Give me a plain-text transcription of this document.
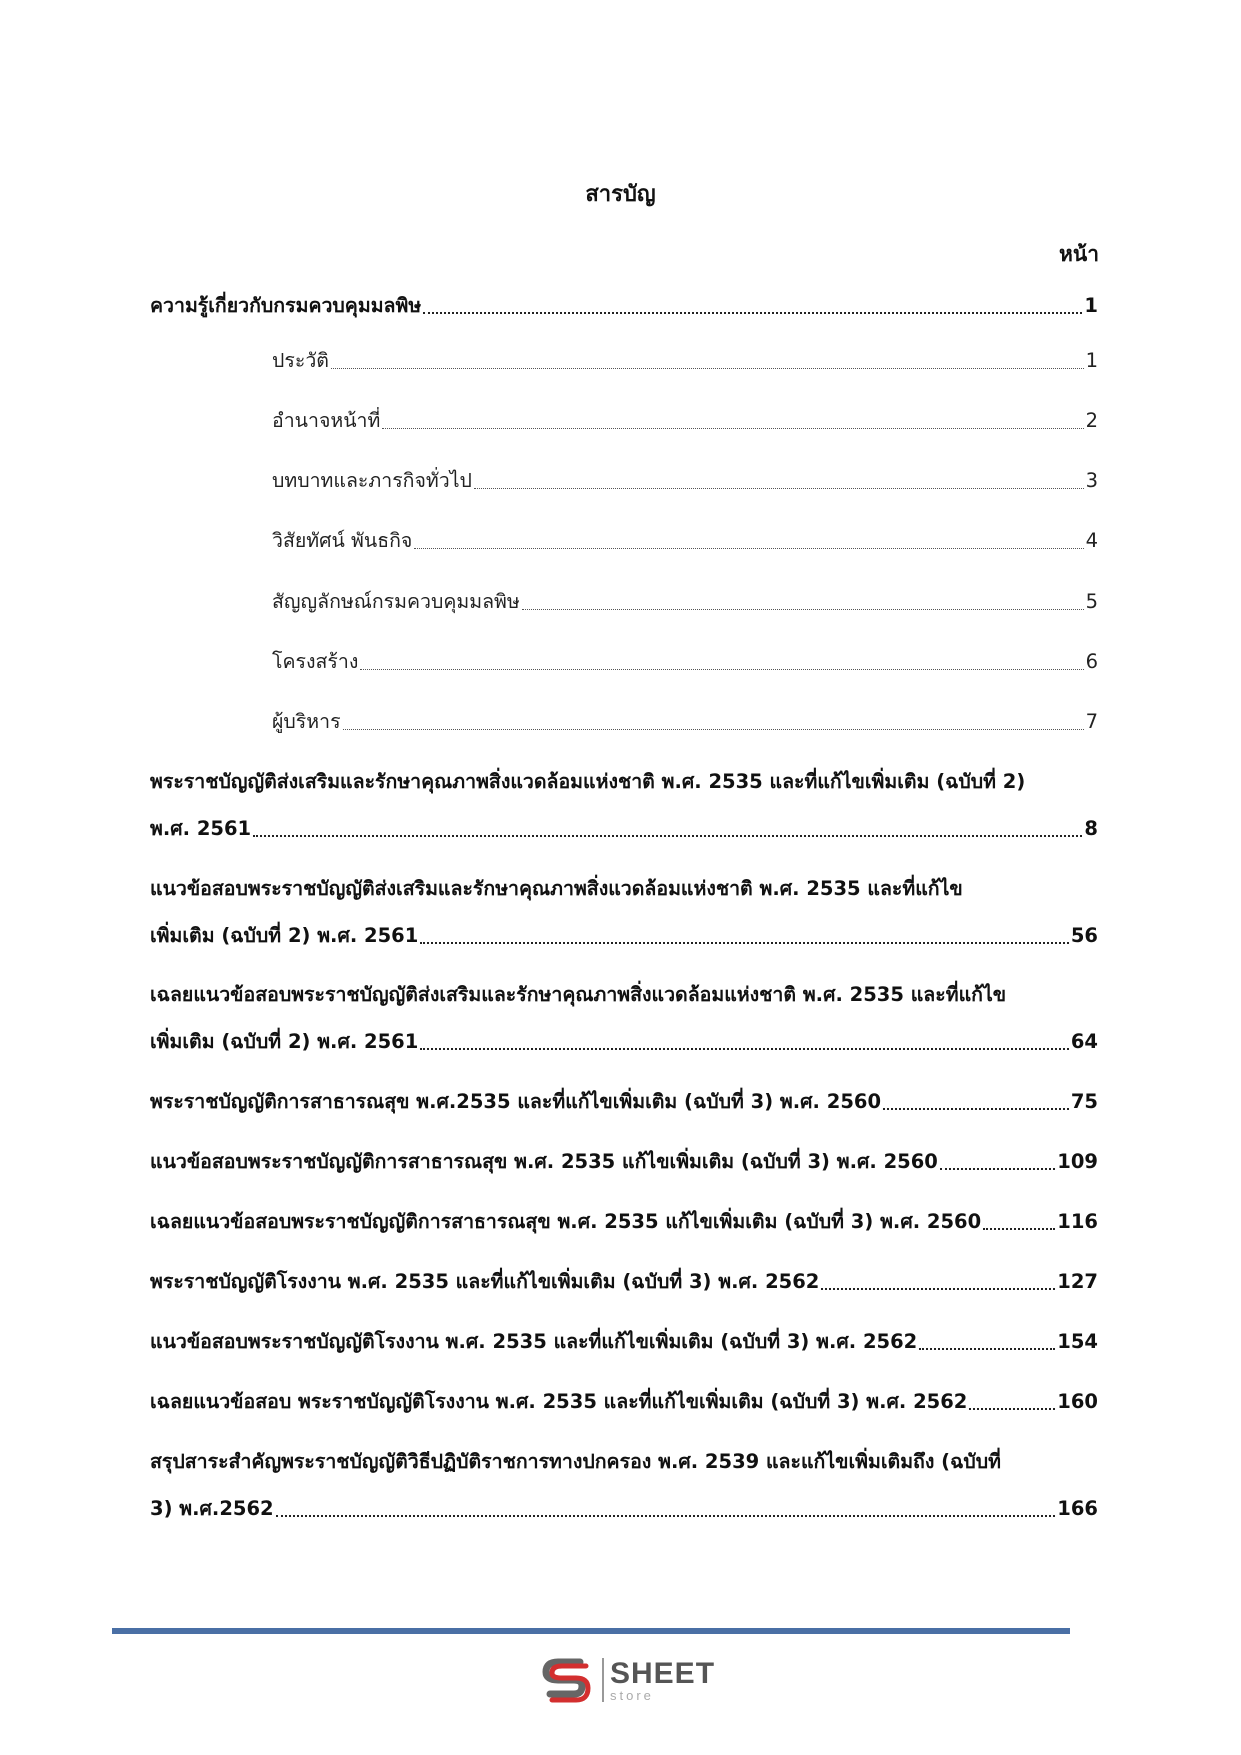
สารบัญ
หน้า
ความรู้เกี่ยวกับกรมควบคุมมลพิษ	1
ประวัติ	1
อำนาจหน้าที่	2
บทบาทและภารกิจทั่วไป	3
วิสัยทัศน์ พันธกิจ	4
สัญญลักษณ์กรมควบคุมมลพิษ	5
โครงสร้าง	6
ผู้บริหาร	7
พระราชบัญญัติส่งเสริมและรักษาคุณภาพสิ่งแวดล้อมแห่งชาติ พ.ศ. 2535 และที่แก้ไขเพิ่มเติม (ฉบับที่ 2)
พ.ศ. 2561	8
แนวข้อสอบพระราชบัญญัติส่งเสริมและรักษาคุณภาพสิ่งแวดล้อมแห่งชาติ พ.ศ. 2535 และที่แก้ไข
เพิ่มเติม (ฉบับที่ 2) พ.ศ. 2561	56
เฉลยแนวข้อสอบพระราชบัญญัติส่งเสริมและรักษาคุณภาพสิ่งแวดล้อมแห่งชาติ พ.ศ. 2535 และที่แก้ไข
เพิ่มเติม (ฉบับที่ 2) พ.ศ. 2561	64
พระราชบัญญัติการสาธารณสุข พ.ศ.2535 และที่แก้ไขเพิ่มเติม (ฉบับที่ 3) พ.ศ. 2560	75
แนวข้อสอบพระราชบัญญัติการสาธารณสุข พ.ศ. 2535 แก้ไขเพิ่มเติม (ฉบับที่ 3) พ.ศ. 2560	109
เฉลยแนวข้อสอบพระราชบัญญัติการสาธารณสุข พ.ศ. 2535 แก้ไขเพิ่มเติม (ฉบับที่ 3) พ.ศ. 2560	116
พระราชบัญญัติโรงงาน พ.ศ. 2535 และที่แก้ไขเพิ่มเติม (ฉบับที่ 3) พ.ศ. 2562	127
แนวข้อสอบพระราชบัญญัติโรงงาน พ.ศ. 2535 และที่แก้ไขเพิ่มเติม (ฉบับที่ 3) พ.ศ. 2562	154
เฉลยแนวข้อสอบ พระราชบัญญัติโรงงาน พ.ศ. 2535 และที่แก้ไขเพิ่มเติม (ฉบับที่ 3) พ.ศ. 2562	160
สรุปสาระสำคัญพระราชบัญญัติวิธีปฏิบัติราชการทางปกครอง พ.ศ. 2539 และแก้ไขเพิ่มเติมถึง (ฉบับที่
3) พ.ศ.2562	166
SHEET
store
